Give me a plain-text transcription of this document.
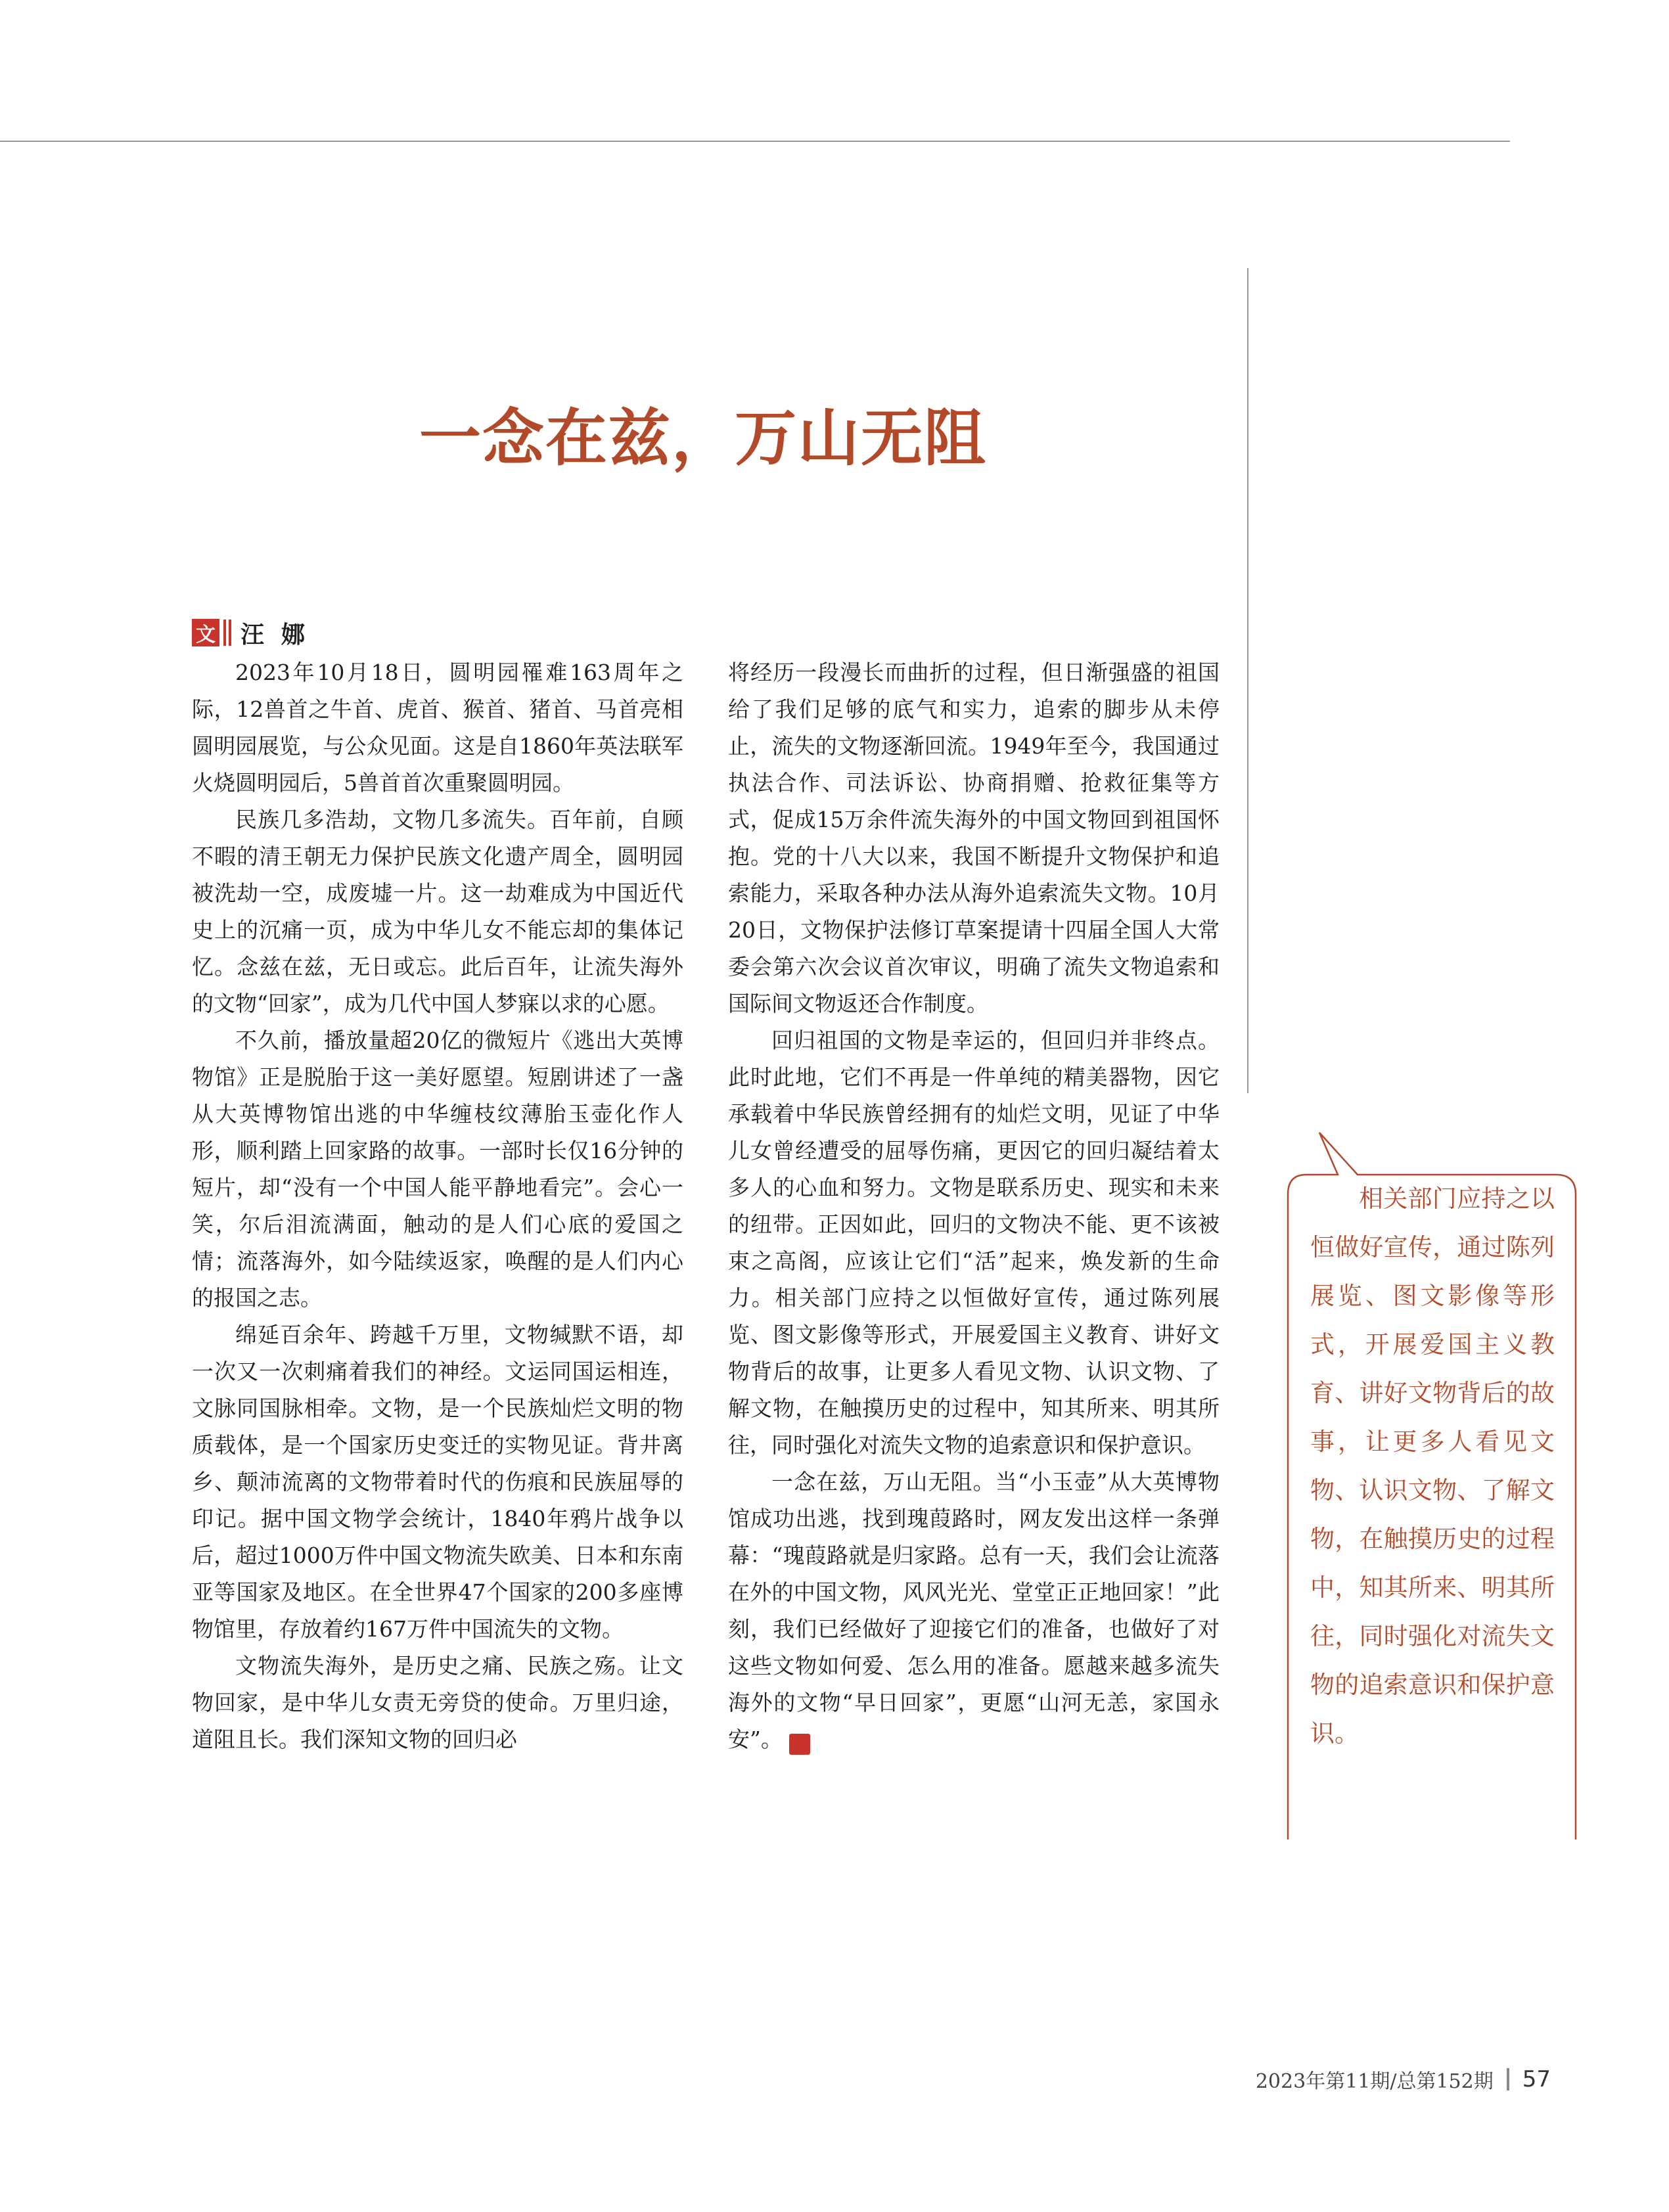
一念在兹，万山无阻
文 汪娜

2023年10月18日，圆明园罹难163周年之际，12兽首之牛首、虎首、猴首、猪首、马首亮相圆明园展览，与公众见面。这是自1860年英法联军火烧圆明园后，5兽首首次重聚圆明园。

民族几多浩劫，文物几多流失。百年前，自顾不暇的清王朝无力保护民族文化遗产周全，圆明园被洗劫一空，成废墟一片。这一劫难成为中国近代史上的沉痛一页，成为中华儿女不能忘却的集体记忆。念兹在兹，无日或忘。此后百年，让流失海外的文物“回家”，成为几代中国人梦寐以求的心愿。

不久前，播放量超20亿的微短片《逃出大英博物馆》正是脱胎于这一美好愿望。短剧讲述了一盏从大英博物馆出逃的中华缠枝纹薄胎玉壶化作人形，顺利踏上回家路的故事。一部时长仅16分钟的短片，却“没有一个中国人能平静地看完”。会心一笑，尔后泪流满面，触动的是人们心底的爱国之情；流落海外，如今陆续返家，唤醒的是人们内心的报国之志。

绵延百余年、跨越千万里，文物缄默不语，却一次又一次刺痛着我们的神经。文运同国运相连，文脉同国脉相牵。文物，是一个民族灿烂文明的物质载体，是一个国家历史变迁的实物见证。背井离乡、颠沛流离的文物带着时代的伤痕和民族屈辱的印记。据中国文物学会统计，1840年鸦片战争以后，超过1000万件中国文物流失欧美、日本和东南亚等国家及地区。在全世界47个国家的200多座博物馆里，存放着约167万件中国流失的文物。

文物流失海外，是历史之痛、民族之殇。让文物回家，是中华儿女责无旁贷的使命。万里归途，道阻且长。我们深知文物的回归必

将经历一段漫长而曲折的过程，但日渐强盛的祖国给了我们足够的底气和实力，追索的脚步从未停止，流失的文物逐渐回流。1949年至今，我国通过执法合作、司法诉讼、协商捐赠、抢救征集等方式，促成15万余件流失海外的中国文物回到祖国怀抱。党的十八大以来，我国不断提升文物保护和追索能力，采取各种办法从海外追索流失文物。10月20日，文物保护法修订草案提请十四届全国人大常委会第六次会议首次审议，明确了流失文物追索和国际间文物返还合作制度。

回归祖国的文物是幸运的，但回归并非终点。此时此地，它们不再是一件单纯的精美器物，因它承载着中华民族曾经拥有的灿烂文明，见证了中华儿女曾经遭受的屈辱伤痛，更因它的回归凝结着太多人的心血和努力。文物是联系历史、现实和未来的纽带。正因如此，回归的文物决不能、更不该被束之高阁，应该让它们“活”起来，焕发新的生命力。相关部门应持之以恒做好宣传，通过陈列展览、图文影像等形式，开展爱国主义教育、讲好文物背后的故事，让更多人看见文物、认识文物、了解文物，在触摸历史的过程中，知其所来、明其所往，同时强化对流失文物的追索意识和保护意识。

一念在兹，万山无阻。当“小玉壶”从大英博物馆成功出逃，找到瑰葭路时，网友发出这样一条弹幕：“瑰葭路就是归家路。总有一天，我们会让流落在外的中国文物，风风光光、堂堂正正地回家！”此刻，我们已经做好了迎接它们的准备，也做好了对这些文物如何爱、怎么用的准备。愿越来越多流失海外的文物“早日回家”，更愿“山河无恙，家国永安”。	G

相关部门应持之以恒做好宣传，通过陈列展览、图文影像等形式，开展爱国主义教育、讲好文物背后的故事，让更多人看见文物、认识文物、了解文物，在触摸历史的过程中，知其所来、明其所往，同时强化对流失文物的追索意识和保护意识。

2023年第11期/总第152期 57
